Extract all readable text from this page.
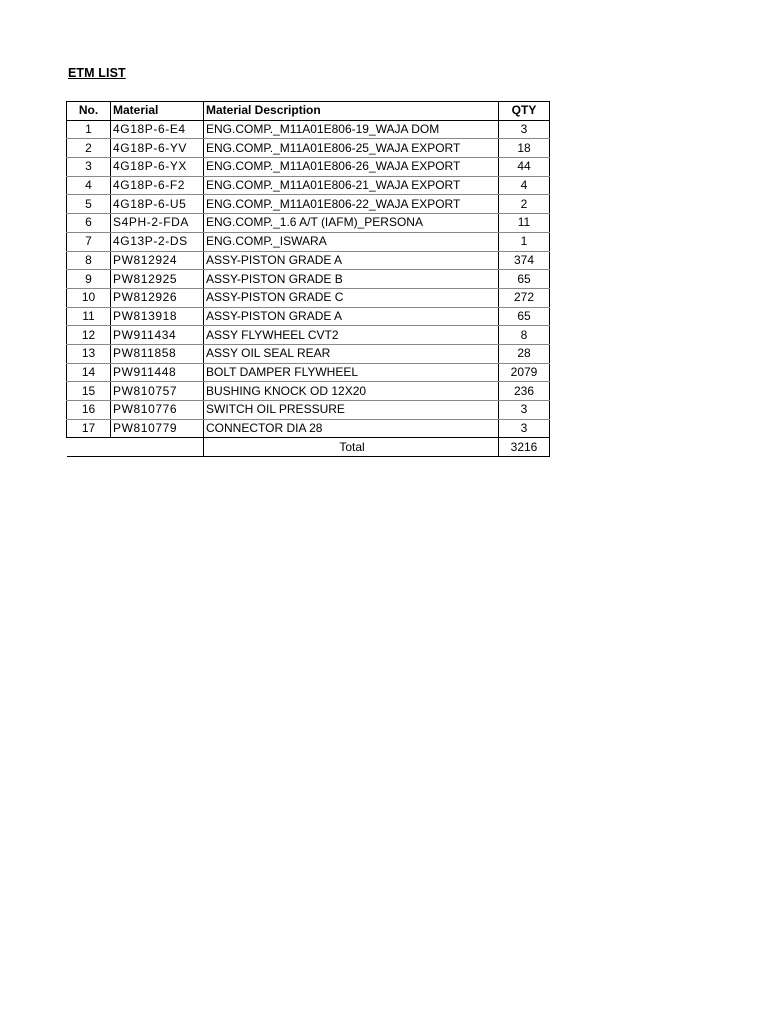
ETM LIST
No.	Material	Material Description	QTY
1	4G18P-6-E4	ENG.COMP._M11A01E806-19_WAJA DOM	3
2	4G18P-6-YV	ENG.COMP._M11A01E806-25_WAJA EXPORT	18
3	4G18P-6-YX	ENG.COMP._M11A01E806-26_WAJA EXPORT	44
4	4G18P-6-F2	ENG.COMP._M11A01E806-21_WAJA EXPORT	4
5	4G18P-6-U5	ENG.COMP._M11A01E806-22_WAJA EXPORT	2
6	S4PH-2-FDA	ENG.COMP._1.6 A/T (IAFM)_PERSONA	11
7	4G13P-2-DS	ENG.COMP._ISWARA	1
8	PW812924	ASSY-PISTON GRADE A	374
9	PW812925	ASSY-PISTON GRADE B	65
10	PW812926	ASSY-PISTON GRADE C	272
11	PW813918	ASSY-PISTON GRADE A	65
12	PW911434	ASSY FLYWHEEL CVT2	8
13	PW811858	ASSY OIL SEAL REAR	28
14	PW911448	BOLT DAMPER FLYWHEEL	2079
15	PW810757	BUSHING KNOCK OD 12X20	236
16	PW810776	SWITCH OIL PRESSURE	3
17	PW810779	CONNECTOR DIA 28	3
		Total	3216
